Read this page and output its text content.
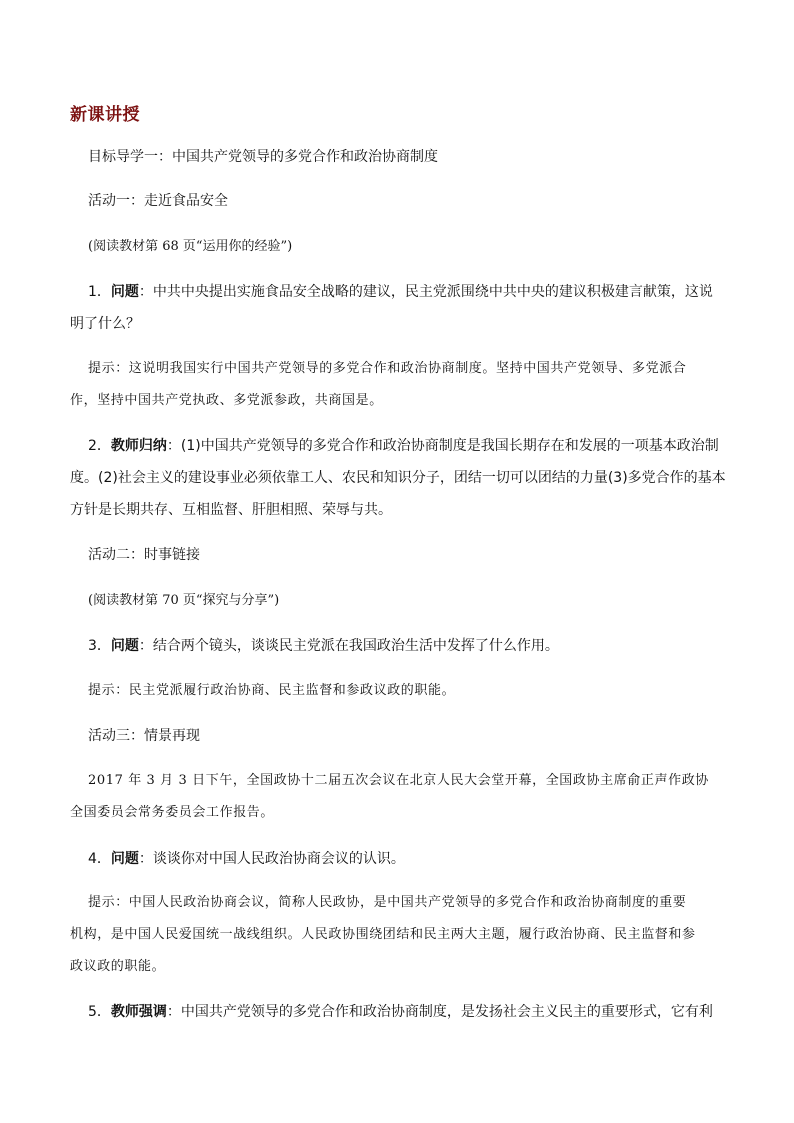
新课讲授
目标导学一：中国共产党领导的多党合作和政治协商制度
活动一：走近食品安全
(阅读教材第 68 页“运用你的经验”)
1．问题：中共中央提出实施食品安全战略的建议，民主党派围绕中共中央的建议积极建言献策，这说
明了什么？
提示：这说明我国实行中国共产党领导的多党合作和政治协商制度。坚持中国共产党领导、多党派合
作，坚持中国共产党执政、多党派参政，共商国是。
2．教师归纳：(1)中国共产党领导的多党合作和政治协商制度是我国长期存在和发展的一项基本政治制
度。(2)社会主义的建设事业必须依靠工人、农民和知识分子，团结一切可以团结的力量(3)多党合作的基本
方针是长期共存、互相监督、肝胆相照、荣辱与共。
活动二：时事链接
(阅读教材第 70 页“探究与分享”)
3．问题：结合两个镜头，谈谈民主党派在我国政治生活中发挥了什么作用。
提示：民主党派履行政治协商、民主监督和参政议政的职能。
活动三：情景再现
2017 年 3 月 3 日下午，全国政协十二届五次会议在北京人民大会堂开幕，全国政协主席俞正声作政协
全国委员会常务委员会工作报告。
4．问题：谈谈你对中国人民政治协商会议的认识。
提示：中国人民政治协商会议，简称人民政协，是中国共产党领导的多党合作和政治协商制度的重要
机构，是中国人民爱国统一战线组织。人民政协围绕团结和民主两大主题，履行政治协商、民主监督和参
政议政的职能。
5．教师强调：中国共产党领导的多党合作和政治协商制度，是发扬社会主义民主的重要形式，它有利
